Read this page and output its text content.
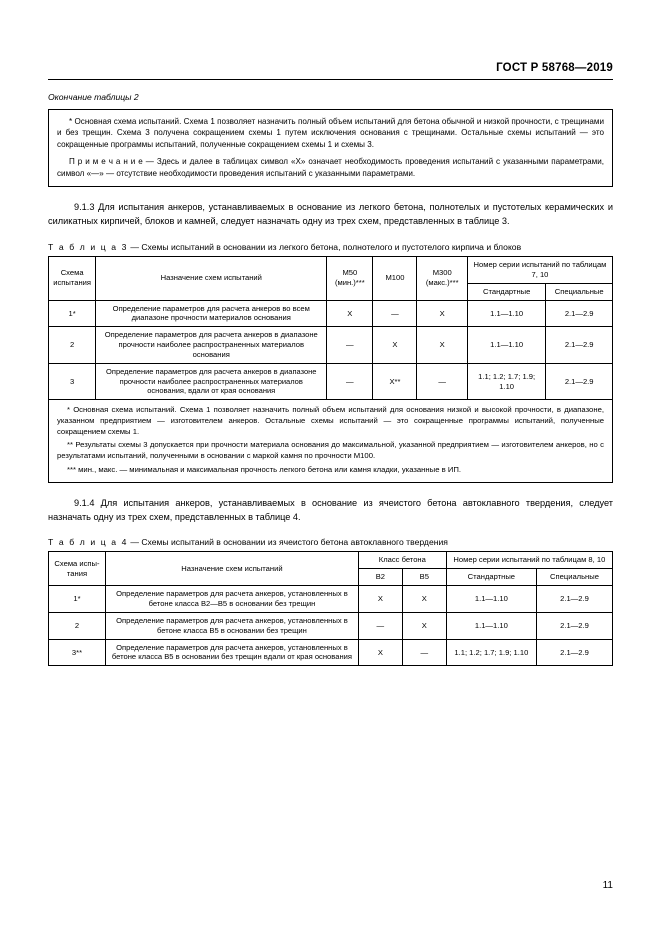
ГОСТ Р 58768—2019
Окончание таблицы 2

* Основная схема испытаний. Схема 1 позволяет назначить полный объем испытаний для бетона обычной и низкой прочности, с трещинами и без трещин. Схема 3 получена сокращением схемы 1 путем исключения основания с трещинами. Остальные схемы испытаний — это сокращенные программы испытаний, полученные сокращением схемы 1 и схемы 3.

П р и м е ч а н и е — Здесь и далее в таблицах символ «Х» означает необходимость проведения испытаний с указанными параметрами, символ «—» — отсутствие необходимости проведения испытаний с указанными параметрами.

9.1.3 Для испытания анкеров, устанавливаемых в основание из легкого бетона, полнотелых и пустотелых керамических и силикатных кирпичей, блоков и камней, следует назначать одну из трех схем, представленных в таблице 3.
Т а б л и ц а 3 — Схемы испытаний в основании из легкого бетона, полнотелого и пустотелого кирпича и блоков
Схема испытания	Назначение схем испытаний	М50 (мин.)***	М100	М300 (макс.)***	Номер серии испытаний по таблицам 7, 10	
					Стандартные	Специальные
1*	Определение параметров для расчета анкеров во всем диапазоне прочности материалов основания	Х	—	Х	1.1—1.10	2.1—2.9
2	Определение параметров для расчета анкеров в диапазоне прочности наиболее распространенных материалов основания	—	Х	Х	1.1—1.10	2.1—2.9
3	Определение параметров для расчета анкеров в диапазоне прочности наиболее распространенных материалов основания, вдали от края основания	—	Х**	—	1.1; 1.2; 1.7; 1.9; 1.10	2.1—2.9

* Основная схема испытаний. Схема 1 позволяет назначить полный объем испытаний для основания низкой и высокой прочности, в диапазоне, указанном предприятием — изготовителем анкеров. Остальные схемы испытаний — это сокращенные программы испытаний, полученные сокращением схемы 1.

** Результаты схемы 3 допускается при прочности материала основания до максимальной, указанной предприятием — изготовителем анкеров, но с результатами испытаний, полученными в основании с маркой камня по прочности М100.

*** мин., макс. — минимальная и максимальная прочность легкого бетона или камня кладки, указанные в ИП.

9.1.4 Для испытания анкеров, устанавливаемых в основание из ячеистого бетона автоклавного твердения, следует назначать одну из трех схем, представленных в таблице 4.
Т а б л и ц а 4 — Схемы испытаний в основании из ячеистого бетона автоклавного твердения
Схема испы- тания	Назначение схем испытаний	Класс бетона		Номер серии испытаний по таблицам 8, 10	
		В2	В5	Стандартные	Специальные
1*	Определение параметров для расчета анкеров, установленных в бетоне класса В2—В5 в основании без трещин	Х	Х	1.1—1.10	2.1—2.9
2	Определение параметров для расчета анкеров, установленных в бетоне класса В5 в основании без трещин	—	Х	1.1—1.10	2.1—2.9
3**	Определение параметров для расчета анкеров, установленных в бетоне класса В5 в основании без трещин вдали от края основания	Х	—	1.1; 1.2; 1.7; 1.9; 1.10	2.1—2.9
11
